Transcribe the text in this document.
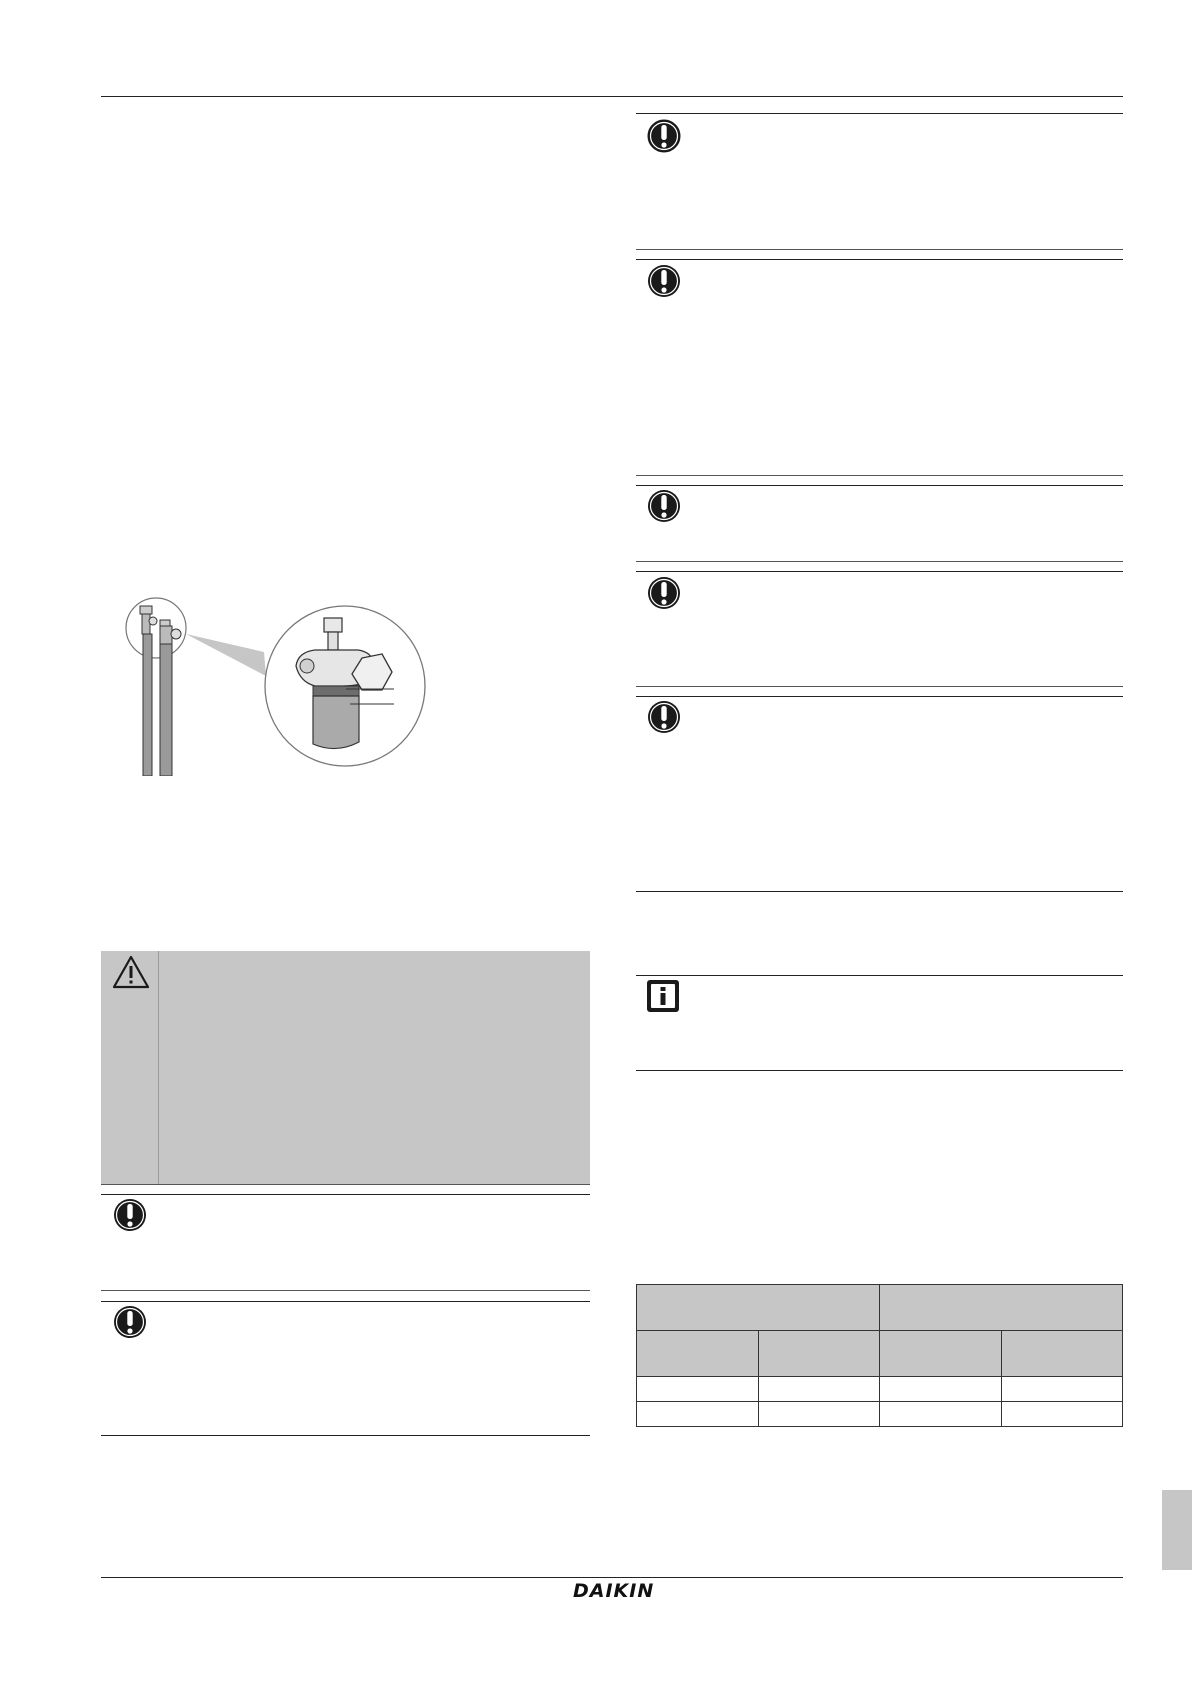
DAIKIN
